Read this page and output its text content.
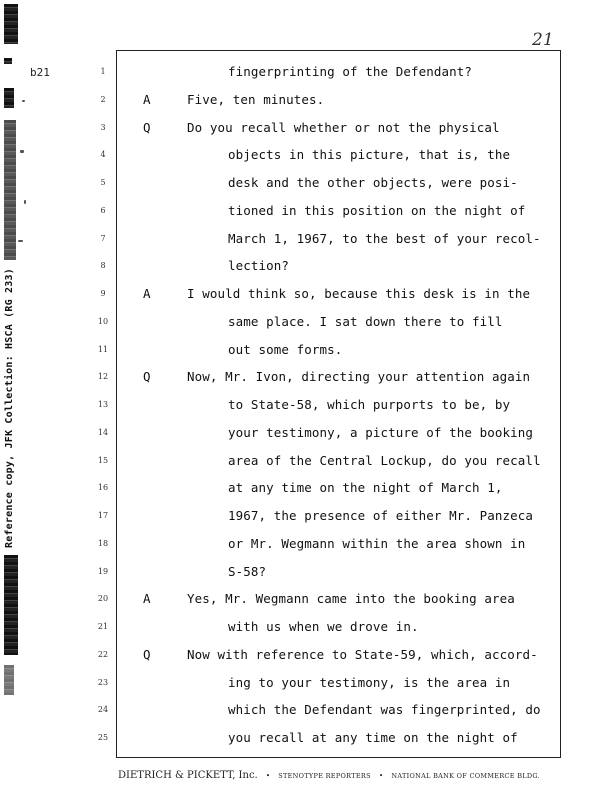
b21
Reference copy, JFK Collection: HSCA (RG 233)
21
1	fingerprinting of the Defendant?
2	A	Five, ten minutes.
3	Q	Do you recall whether or not the physical
4	objects in this picture, that is, the
5	desk and the other objects, were posi-
6	tioned in this position on the night of
7	March 1, 1967, to the best of your recol-
8	lection?
9	A	I would think so, because this desk is in the
10	same place. I sat down there to fill
11	out some forms.
12	Q	Now, Mr. Ivon, directing your attention again
13	to State-58, which purports to be, by
14	your testimony, a picture of the booking
15	area of the Central Lockup, do you recall
16	at any time on the night of March 1,
17	1967, the presence of either Mr. Panzeca
18	or Mr. Wegmann within the area shown in
19	S-58?
20	A	Yes, Mr. Wegmann came into the booking area
21	with us when we drove in.
22	Q	Now with reference to State-59, which, accord-
23	ing to your testimony, is the area in
24	which the Defendant was fingerprinted, do
25	you recall at any time on the night of
DIETRICH & PICKETT, Inc. • STENOTYPE REPORTERS • NATIONAL BANK OF COMMERCE BLDG.
